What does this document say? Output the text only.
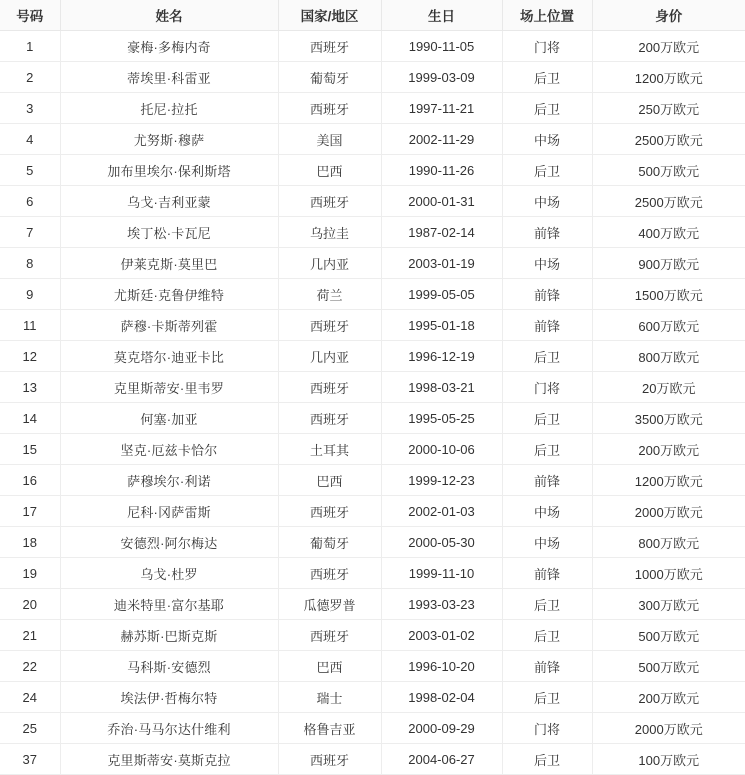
号码	姓名	国家/地区	生日	场上位置	身价
1	豪梅·多梅内奇	西班牙	1990-11-05	门将	200万欧元
2	蒂埃里·科雷亚	葡萄牙	1999-03-09	后卫	1200万欧元
3	托尼·拉托	西班牙	1997-11-21	后卫	250万欧元
4	尤努斯·穆萨	美国	2002-11-29	中场	2500万欧元
5	加布里埃尔·保利斯塔	巴西	1990-11-26	后卫	500万欧元
6	乌戈·吉利亚蒙	西班牙	2000-01-31	中场	2500万欧元
7	埃丁松·卡瓦尼	乌拉圭	1987-02-14	前锋	400万欧元
8	伊莱克斯·莫里巴	几内亚	2003-01-19	中场	900万欧元
9	尤斯廷·克鲁伊维特	荷兰	1999-05-05	前锋	1500万欧元
11	萨穆·卡斯蒂列霍	西班牙	1995-01-18	前锋	600万欧元
12	莫克塔尔·迪亚卡比	几内亚	1996-12-19	后卫	800万欧元
13	克里斯蒂安·里韦罗	西班牙	1998-03-21	门将	20万欧元
14	何塞·加亚	西班牙	1995-05-25	后卫	3500万欧元
15	坚克·厄兹卡恰尔	土耳其	2000-10-06	后卫	200万欧元
16	萨穆埃尔·利诺	巴西	1999-12-23	前锋	1200万欧元
17	尼科·冈萨雷斯	西班牙	2002-01-03	中场	2000万欧元
18	安德烈·阿尔梅达	葡萄牙	2000-05-30	中场	800万欧元
19	乌戈·杜罗	西班牙	1999-11-10	前锋	1000万欧元
20	迪米特里·富尔基耶	瓜德罗普	1993-03-23	后卫	300万欧元
21	赫苏斯·巴斯克斯	西班牙	2003-01-02	后卫	500万欧元
22	马科斯·安德烈	巴西	1996-10-20	前锋	500万欧元
24	埃法伊·哲梅尔特	瑞士	1998-02-04	后卫	200万欧元
25	乔治·马马尔达什维利	格鲁吉亚	2000-09-29	门将	2000万欧元
37	克里斯蒂安·莫斯克拉	西班牙	2004-06-27	后卫	100万欧元
